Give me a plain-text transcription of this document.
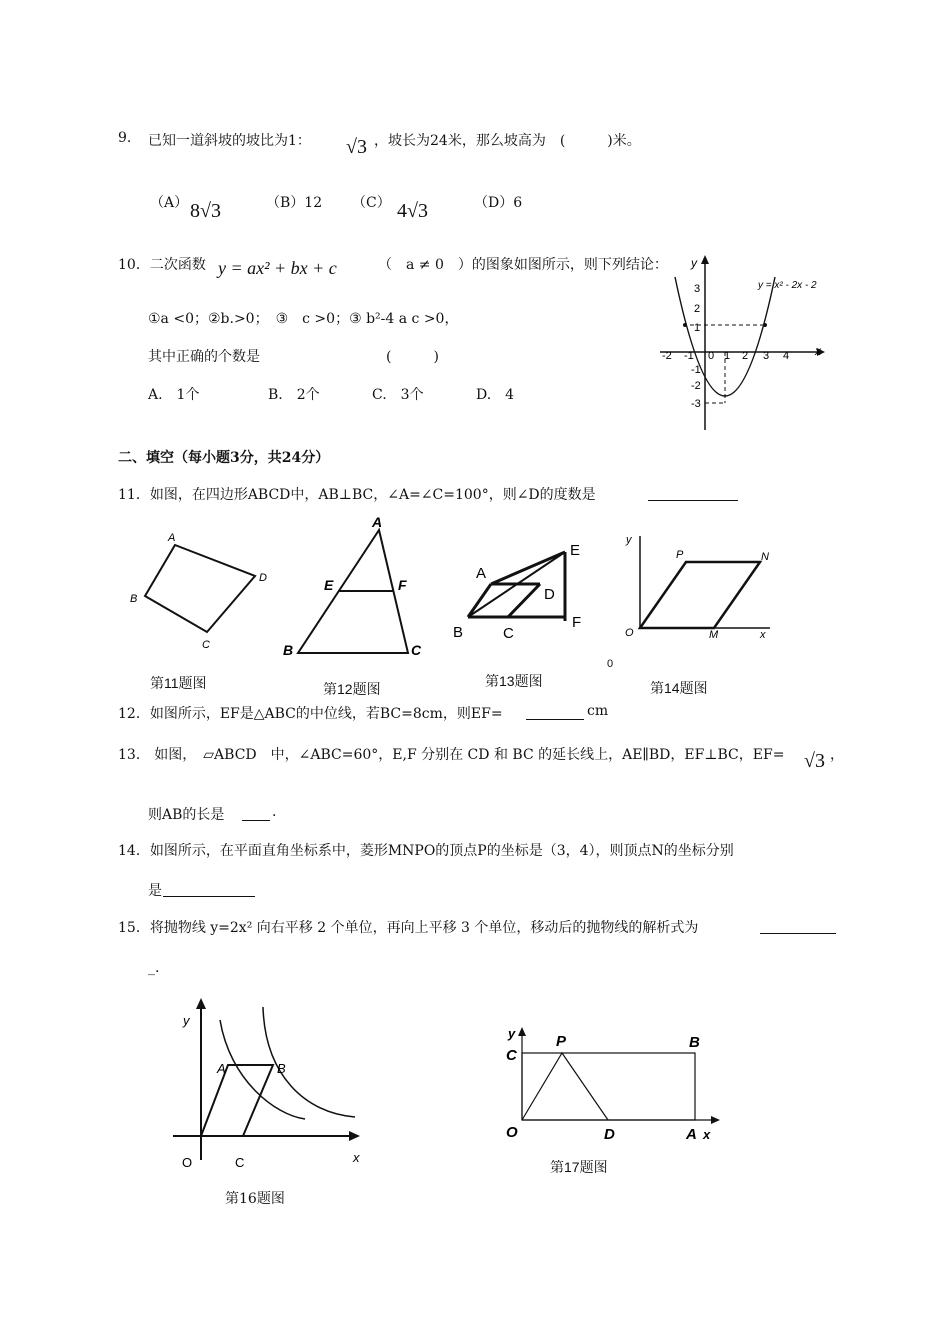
9. 已知一道斜坡的坡比为1： √3 ，坡长为24米，那么坡高为　(　　　)米。
（A） 8√3	（B）12 （C） 4√3	（D）6
10．二次函数 y = ax² + bx + c	（　a ≠ 0　）的图象如图所示，则下列结论：
①a <0；②b.>0；　③　c >0；③ b²-4 a c >0，
其中正确的个数是　　　　　　　　　(　　　)
A.　1个	B.　2个	C.　3个	D.　4
x
y
y = x² - 2x - 2
-2 -1 0 1 2 3 4
3
2
1
-1
-2
-3
二、填空（每小题3分，共24分）
11．如图，在四边形ABCD中，AB⊥BC，∠A=∠C=100°，则∠D的度数是
A
B
C
D
第11题图
A
B	C
E	F
第12题图
A
B	C
D
E
F
第13题图
y
x
O
P	N
M
0
第14题图
12．如图所示，EF是△ABC的中位线，若BC=8cm，则EF=	cm
13． 如图，　▱ABCD　中，∠ABC=60°，E,F 分别在 CD 和 BC 的延长线上，AE∥BD，EF⊥BC，EF= √3 ，
则AB的长是	.
14．如图所示，在平面直角坐标系中，菱形MNPO的顶点P的坐标是（3，4），则顶点N的坐标分别
是
15．将抛物线 y=2x² 向右平移 2 个单位，再向上平移 3 个单位，移动后的抛物线的解析式为
_.
y
x
O	C
A	B
第16题图
y
x
O
C
P	B
D	A
第17题图
